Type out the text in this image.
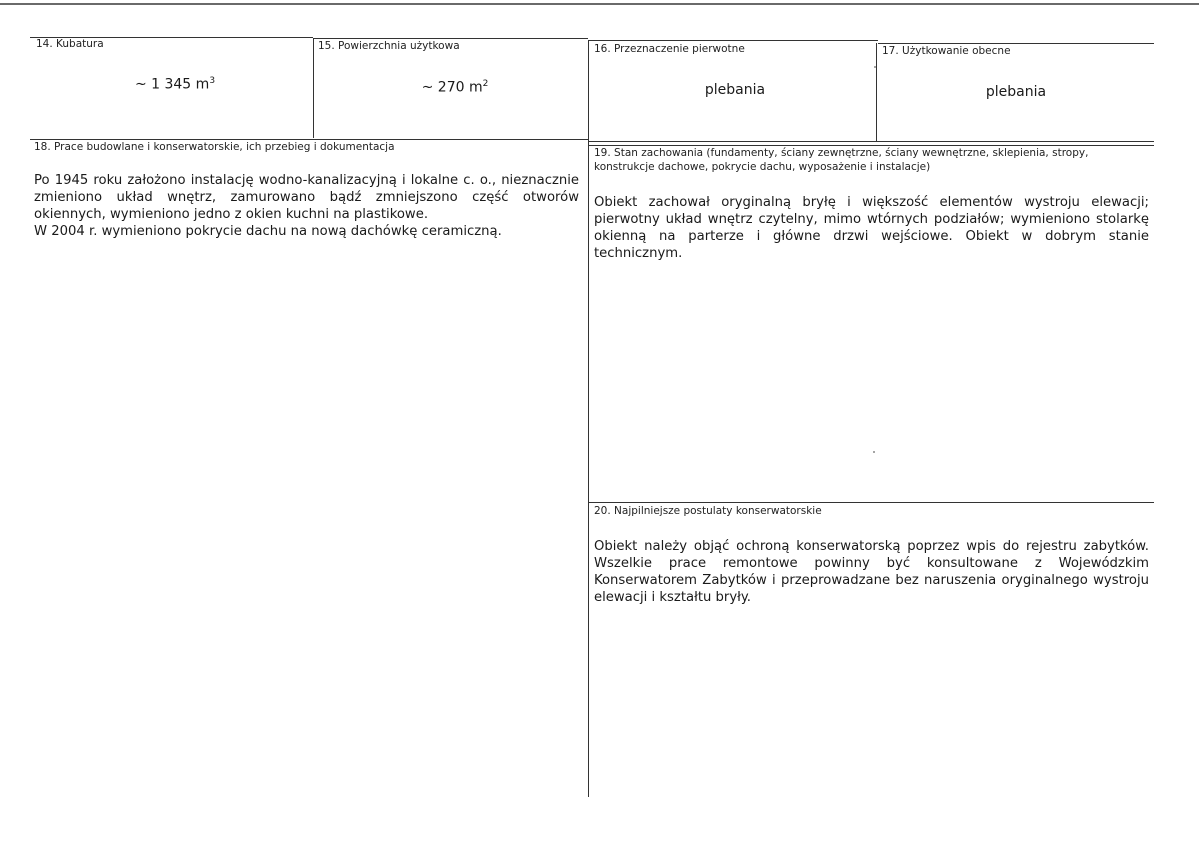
14. Kubatura
~ 1 345 $m^3$
15. Powierzchnia użytkowa
~ 270 $m^2$
16. Przeznaczenie pierwotne
plebania
17. Użytkowanie obecne
plebania
18. Prace budowlane i konserwatorskie, ich przebieg i dokumentacja

Po 1945 roku założono instalację wodno-kanalizacyjną i lokalne c. o., nieznacznie zmieniono układ wnętrz, zamurowano bądź zmniejszono część otworów okiennych, wymieniono jedno z okien kuchni na plastikowe.

W 2004 r. wymieniono pokrycie dachu na nową dachówkę ceramiczną.

19. Stan zachowania (fundamenty, ściany zewnętrzne, ściany wewnętrzne, sklepienia, stropy,
konstrukcje dachowe, pokrycie dachu, wyposażenie i instalacje)

Obiekt zachował oryginalną bryłę i większość elementów wystroju elewacji; pierwotny układ wnętrz czytelny, mimo wtórnych podziałów; wymieniono stolarkę okienną na parterze i główne drzwi wejściowe. Obiekt w dobrym stanie technicznym.

20. Najpilniejsze postulaty konserwatorskie

Obiekt należy objąć ochroną konserwatorską poprzez wpis do rejestru zabytków. Wszelkie prace remontowe powinny być konsultowane z Wojewódzkim Konserwatorem Zabytków i przeprowadzane bez naruszenia oryginalnego wystroju elewacji i kształtu bryły.
